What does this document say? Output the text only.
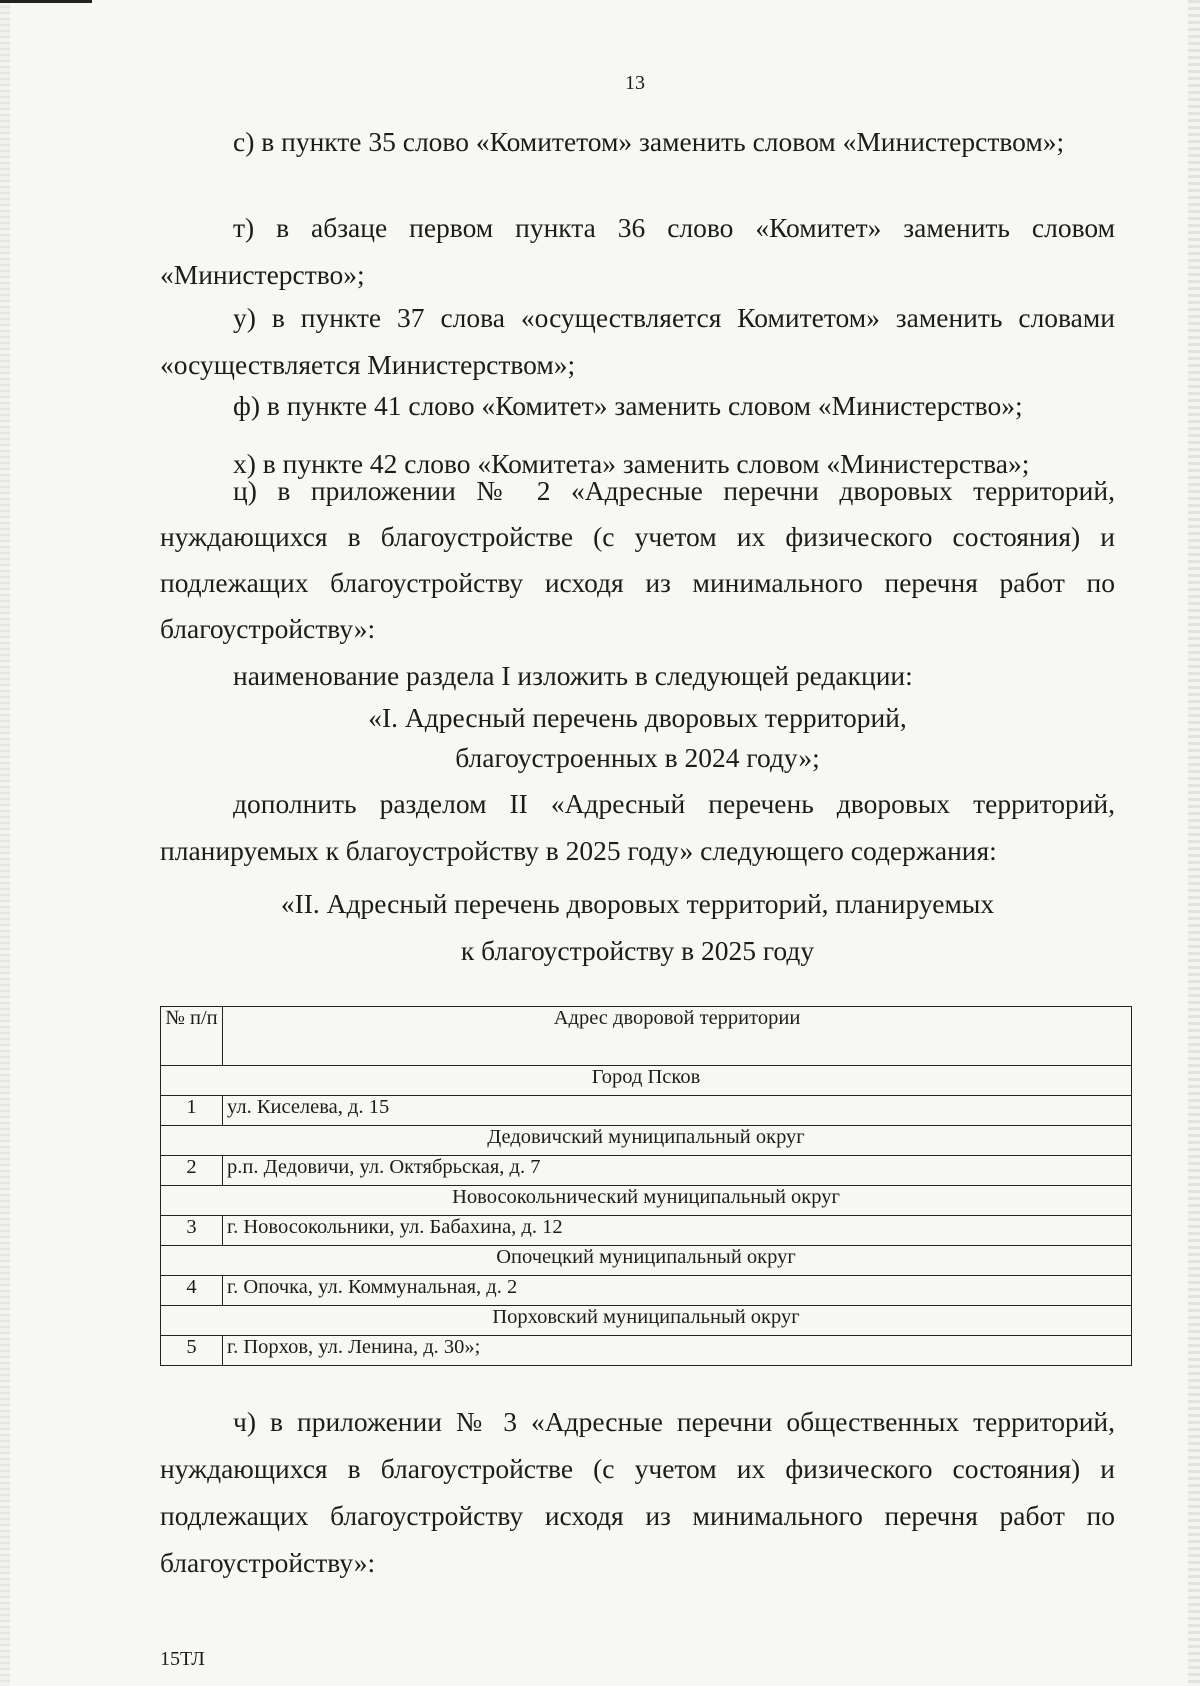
13
с) в пункте 35 слово «Комитетом» заменить словом «Министерством»;
т) в абзаце первом пункта 36 слово «Комитет» заменить словом «Министерство»;
у) в пункте 37 слова «осуществляется Комитетом» заменить словами «осуществляется Министерством»;
ф) в пункте 41 слово «Комитет» заменить словом «Министерство»;
х) в пункте 42 слово «Комитета» заменить словом «Министерства»;
ц) в приложении № 2 «Адресные перечни дворовых территорий, нуждающихся в благоустройстве (с учетом их физического состояния) и подлежащих благоустройству исходя из минимального перечня работ по благоустройству»:
наименование раздела I изложить в следующей редакции:
«I. Адресный перечень дворовых территорий,
благоустроенных в 2024 году»;
дополнить разделом II «Адресный перечень дворовых территорий, планируемых к благоустройству в 2025 году» следующего содержания:
«II. Адресный перечень дворовых территорий, планируемых
к благоустройству в 2025 году
№ п/п	Адрес дворовой территории
Город Псков	
1	ул. Киселева, д. 15
Дедовичский муниципальный округ	
2	р.п. Дедовичи, ул. Октябрьская, д. 7
Новосокольнический муниципальный округ	
3	г. Новосокольники, ул. Бабахина, д. 12
Опочецкий муниципальный округ	
4	г. Опочка, ул. Коммунальная, д. 2
Порховский муниципальный округ	
5	г. Порхов, ул. Ленина, д. 30»;
ч) в приложении № 3 «Адресные перечни общественных территорий, нуждающихся в благоустройстве (с учетом их физического состояния) и подлежащих благоустройству исходя из минимального перечня работ по благоустройству»:
15ТЛ
